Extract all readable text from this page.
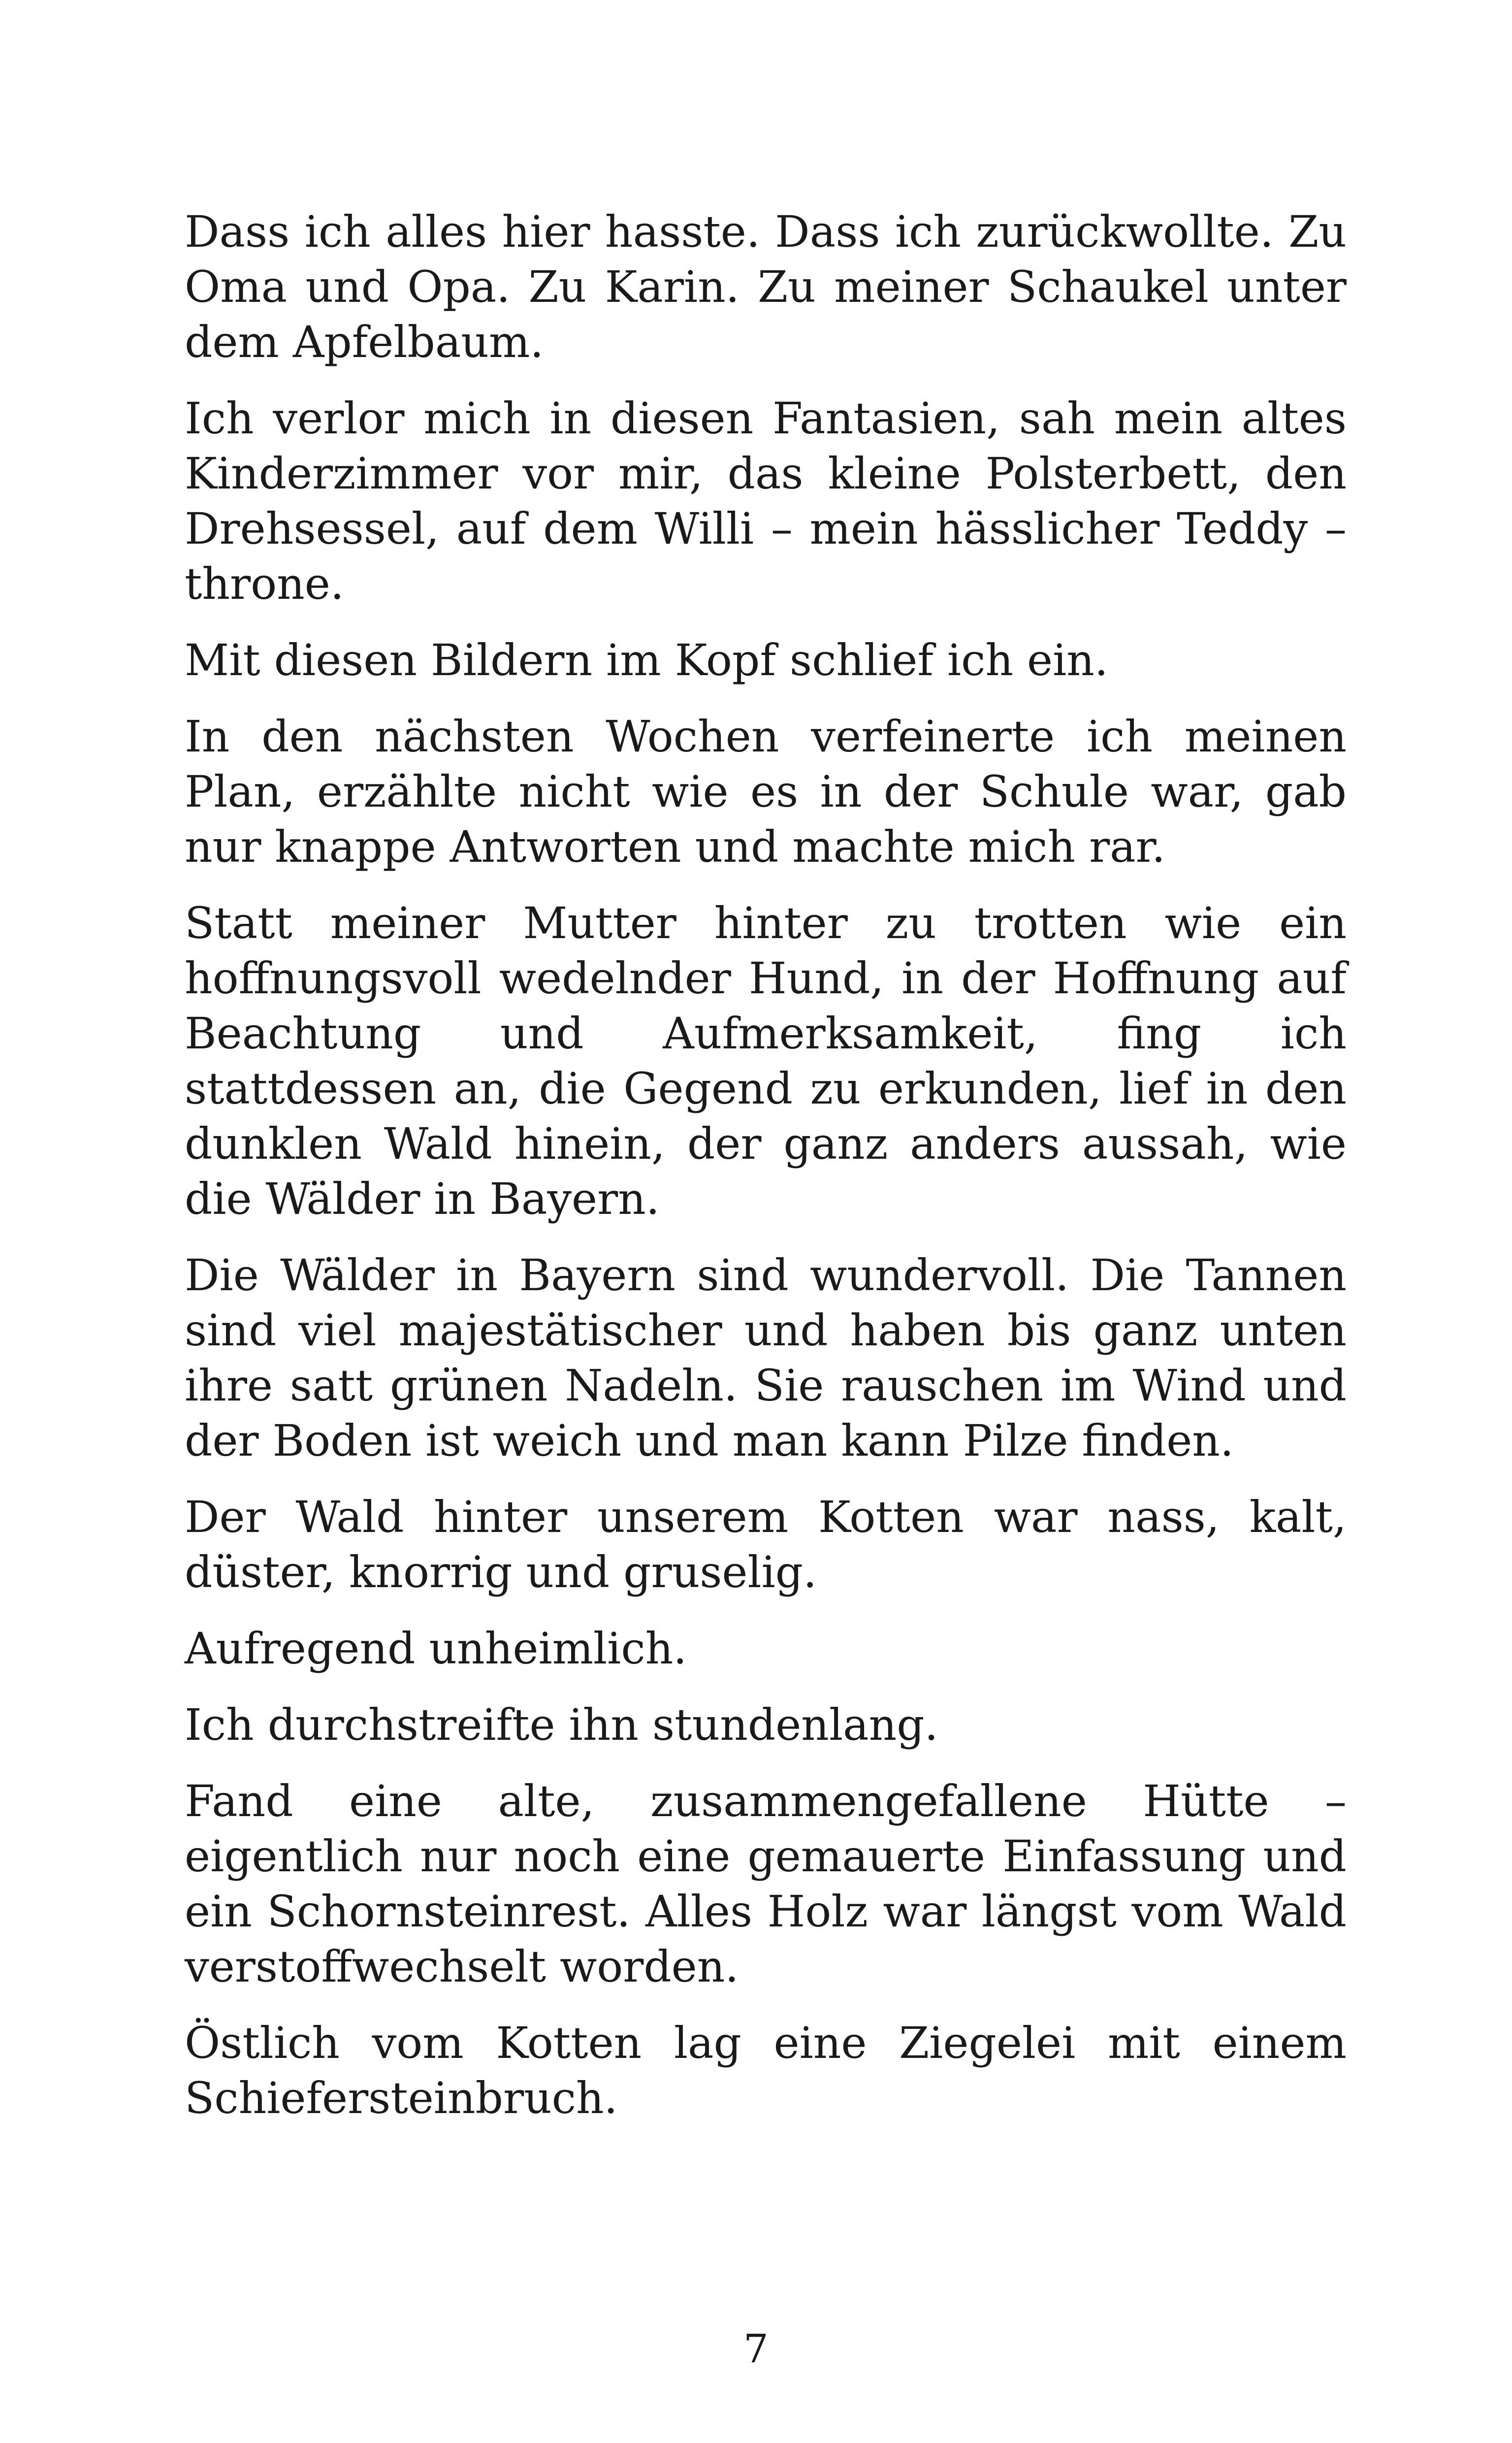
Dass ich alles hier hasste. Dass ich zurückwollte. Zu Oma und Opa. Zu Karin. Zu meiner Schaukel unter dem Apfelbaum.

Ich verlor mich in diesen Fantasien, sah mein altes Kinderzimmer vor mir, das kleine Polsterbett, den Drehsessel, auf dem Willi – mein hässlicher Teddy – throne.

Mit diesen Bildern im Kopf schlief ich ein.

In den nächsten Wochen verfeinerte ich meinen Plan, erzählte nicht wie es in der Schule war, gab nur knappe Antworten und machte mich rar.

Statt meiner Mutter hinter zu trotten wie ein hoffnungsvoll wedelnder Hund, in der Hoffnung auf Beachtung und Aufmerksamkeit, fing ich stattdessen an, die Gegend zu erkunden, lief in den dunklen Wald hinein, der ganz anders aussah, wie die Wälder in Bayern.

Die Wälder in Bayern sind wundervoll. Die Tannen sind viel majestätischer und haben bis ganz unten ihre satt grünen Nadeln. Sie rauschen im Wind und der Boden ist weich und man kann Pilze finden.

Der Wald hinter unserem Kotten war nass, kalt, düster, knorrig und gruselig.

Aufregend unheimlich.

Ich durchstreifte ihn stundenlang.

Fand eine alte, zusammengefallene Hütte – eigentlich nur noch eine gemauerte Einfassung und ein Schornsteinrest. Alles Holz war längst vom Wald verstoffwechselt worden.

Östlich vom Kotten lag eine Ziegelei mit einem Schiefersteinbruch.

7
